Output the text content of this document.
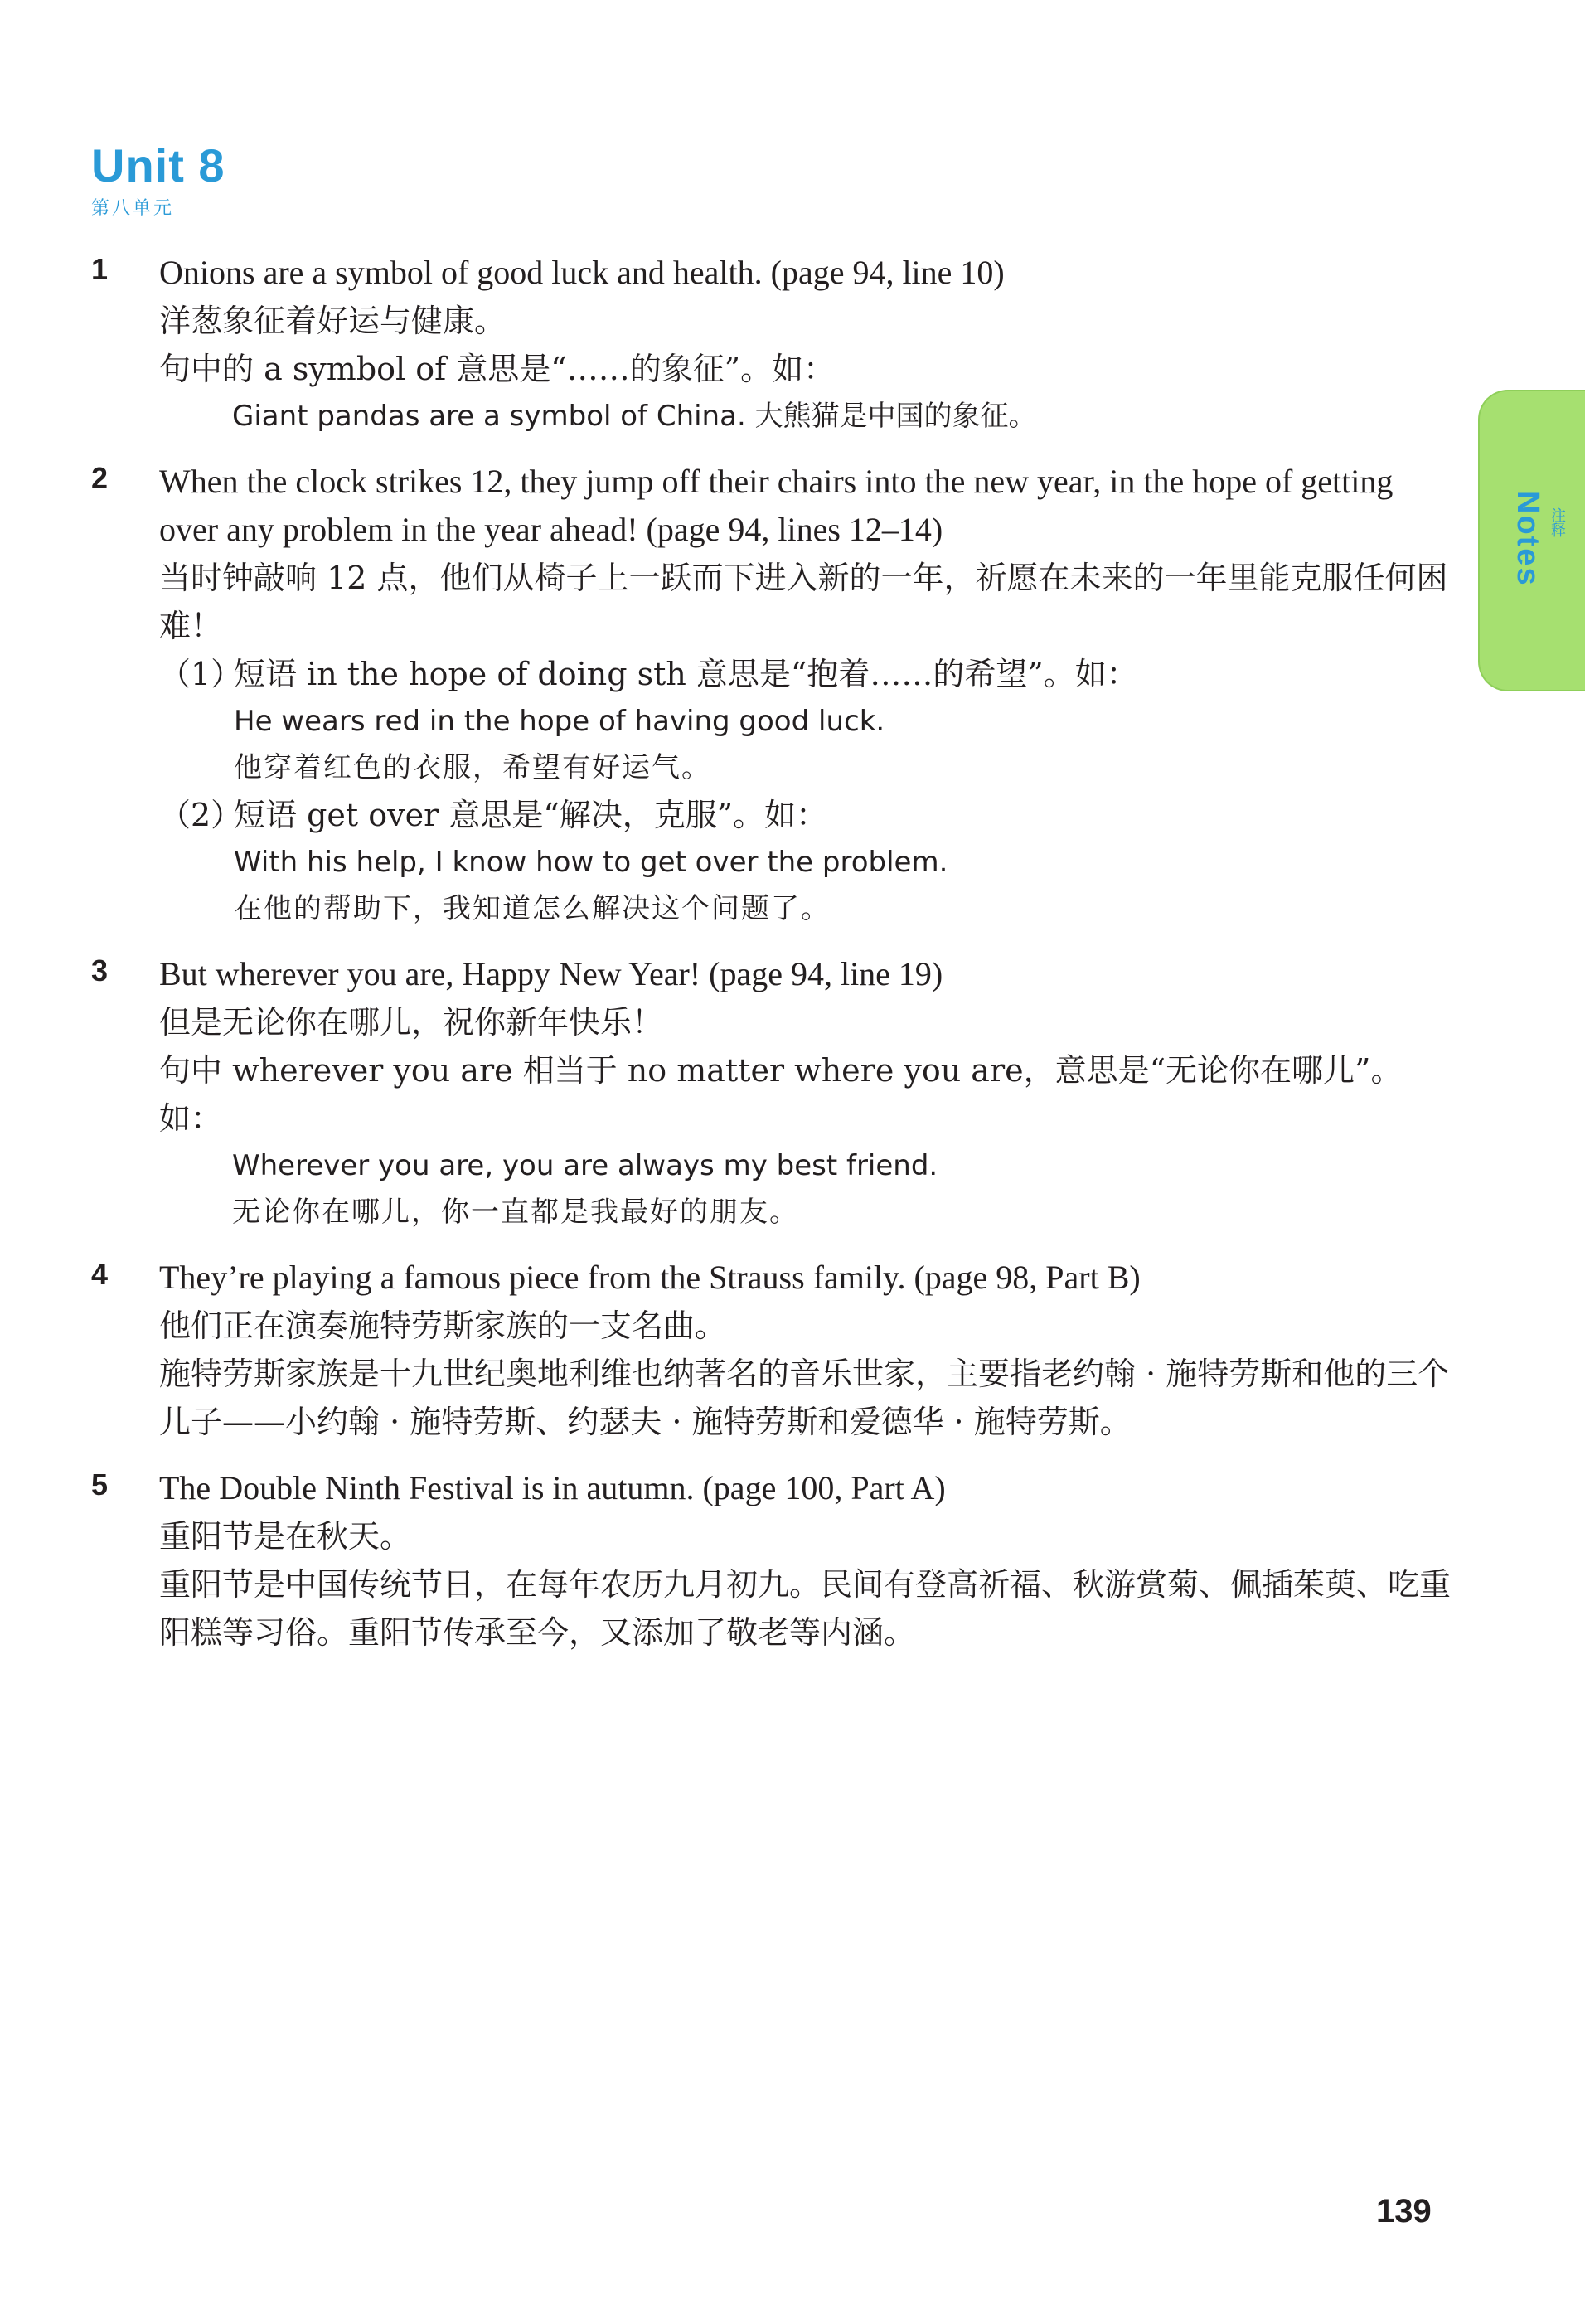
Unit 8
第八单元
Notes 注释
1 Onions are a symbol of good luck and health. (page 94, line 10)
洋葱象征着好运与健康。
句中的 a symbol of 意思是“……的象征”。如：
Giant pandas are a symbol of China. 大熊猫是中国的象征。
2 When the clock strikes 12, they jump off their chairs into the new year, in the hope of getting over any problem in the year ahead! (page 94, lines 12–14)
当时钟敲响 12 点，他们从椅子上一跃而下进入新的一年，祈愿在未来的一年里能克服任何困难！
（1）
短语 in the hope of doing sth 意思是“抱着……的希望”。如：
He wears red in the hope of having good luck.
他穿着红色的衣服，希望有好运气。
（2）
短语 get over 意思是“解决，克服”。如：
With his help, I know how to get over the problem.
在他的帮助下，我知道怎么解决这个问题了。
3 But wherever you are, Happy New Year! (page 94, line 19)
但是无论你在哪儿，祝你新年快乐！
句中 wherever you are 相当于 no matter where you are，意思是“无论你在哪儿”。如：
Wherever you are, you are always my best friend.
无论你在哪儿，你一直都是我最好的朋友。
4 They’re playing a famous piece from the Strauss family. (page 98, Part B)
他们正在演奏施特劳斯家族的一支名曲。
施特劳斯家族是十九世纪奥地利维也纳著名的音乐世家，主要指老约翰 · 施特劳斯和他的三个儿子——小约翰 · 施特劳斯、约瑟夫 · 施特劳斯和爱德华 · 施特劳斯。
5 The Double Ninth Festival is in autumn. (page 100, Part A)
重阳节是在秋天。
重阳节是中国传统节日，在每年农历九月初九。民间有登高祈福、秋游赏菊、佩插茱萸、吃重阳糕等习俗。重阳节传承至今，又添加了敬老等内涵。
139
